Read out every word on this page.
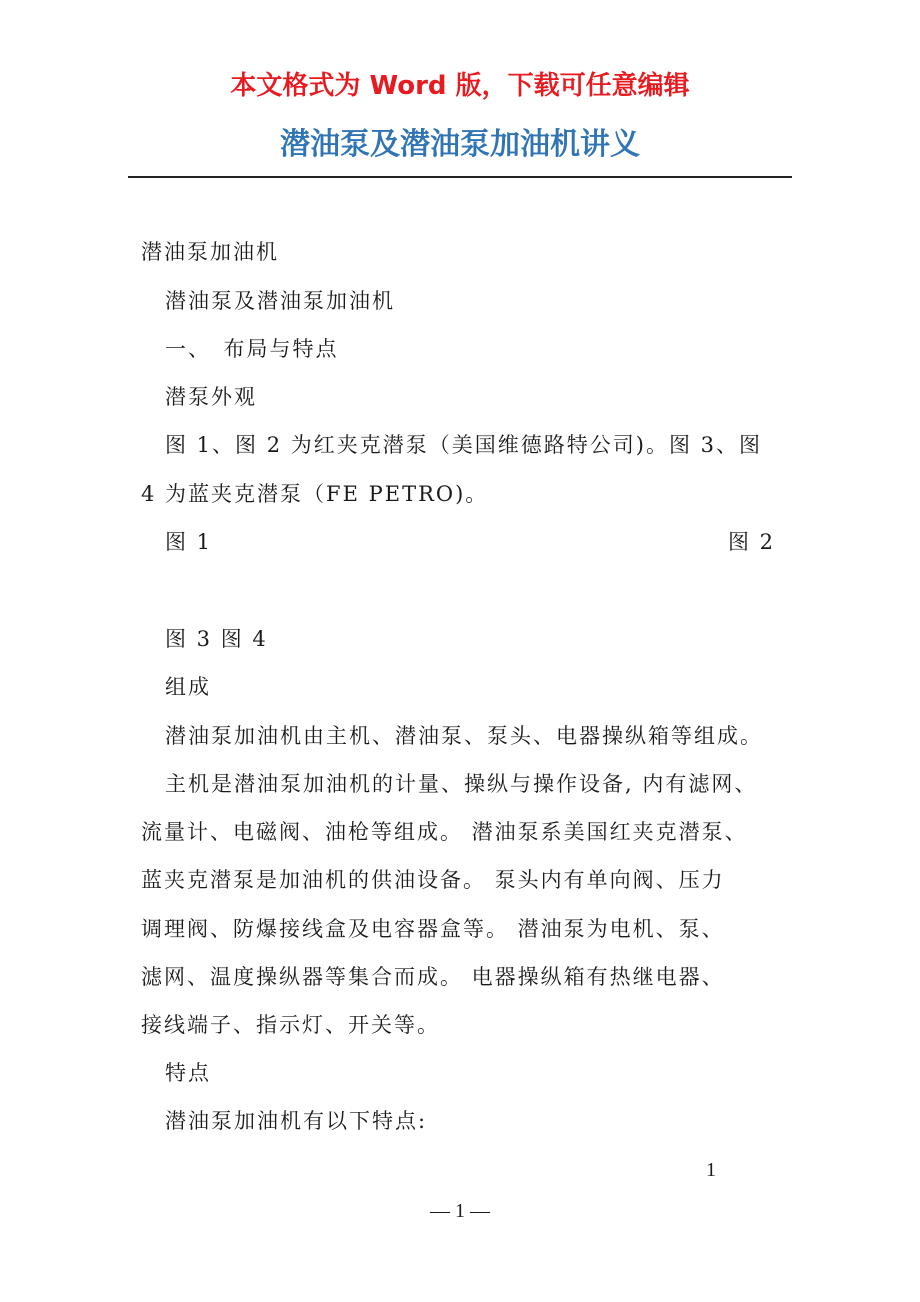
本文格式为 Word 版，下载可任意编辑
潜油泵及潜油泵加油机讲义
潜油泵加油机
潜油泵及潜油泵加油机
一、　布局与特点
潜泵外观
图 1、图 2 为红夹克潜泵（美国维德路特公司)。图 3、图
4 为蓝夹克潜泵（FE PETRO)。
图 1	图 2
图 3 图 4
组成
潜油泵加油机由主机、潜油泵、泵头、电器操纵箱等组成。
主机是潜油泵加油机的计量、操纵与操作设备, 内有滤网、
流量计、电磁阀、油枪等组成。 潜油泵系美国红夹克潜泵、
蓝夹克潜泵是加油机的供油设备。 泵头内有单向阀、压力
调理阀、防爆接线盒及电容器盒等。 潜油泵为电机、泵、
滤网、温度操纵器等集合而成。 电器操纵箱有热继电器、
接线端子、指示灯、开关等。
特点
潜油泵加油机有以下特点:
1
— 1 —
